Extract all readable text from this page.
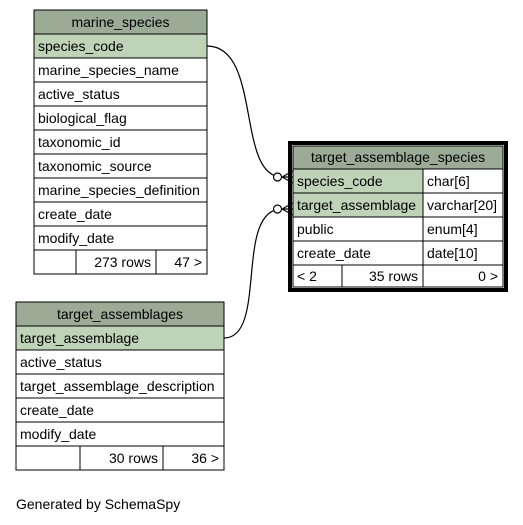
marine_species
species_code
marine_species_name
active_status
biological_flag
taxonomic_id
taxonomic_source
marine_species_definition
create_date
modify_date
273 rows 47 >
target_assemblage_species
species_code	char[6]
target_assemblage varchar[20]
public	enum[4]
create_date	date[10]
< 2	35 rows	0 >
target_assemblages
target_assemblage
active_status
target_assemblage_description
create_date
modify_date
30 rows 36 >
Generated by SchemaSpy
